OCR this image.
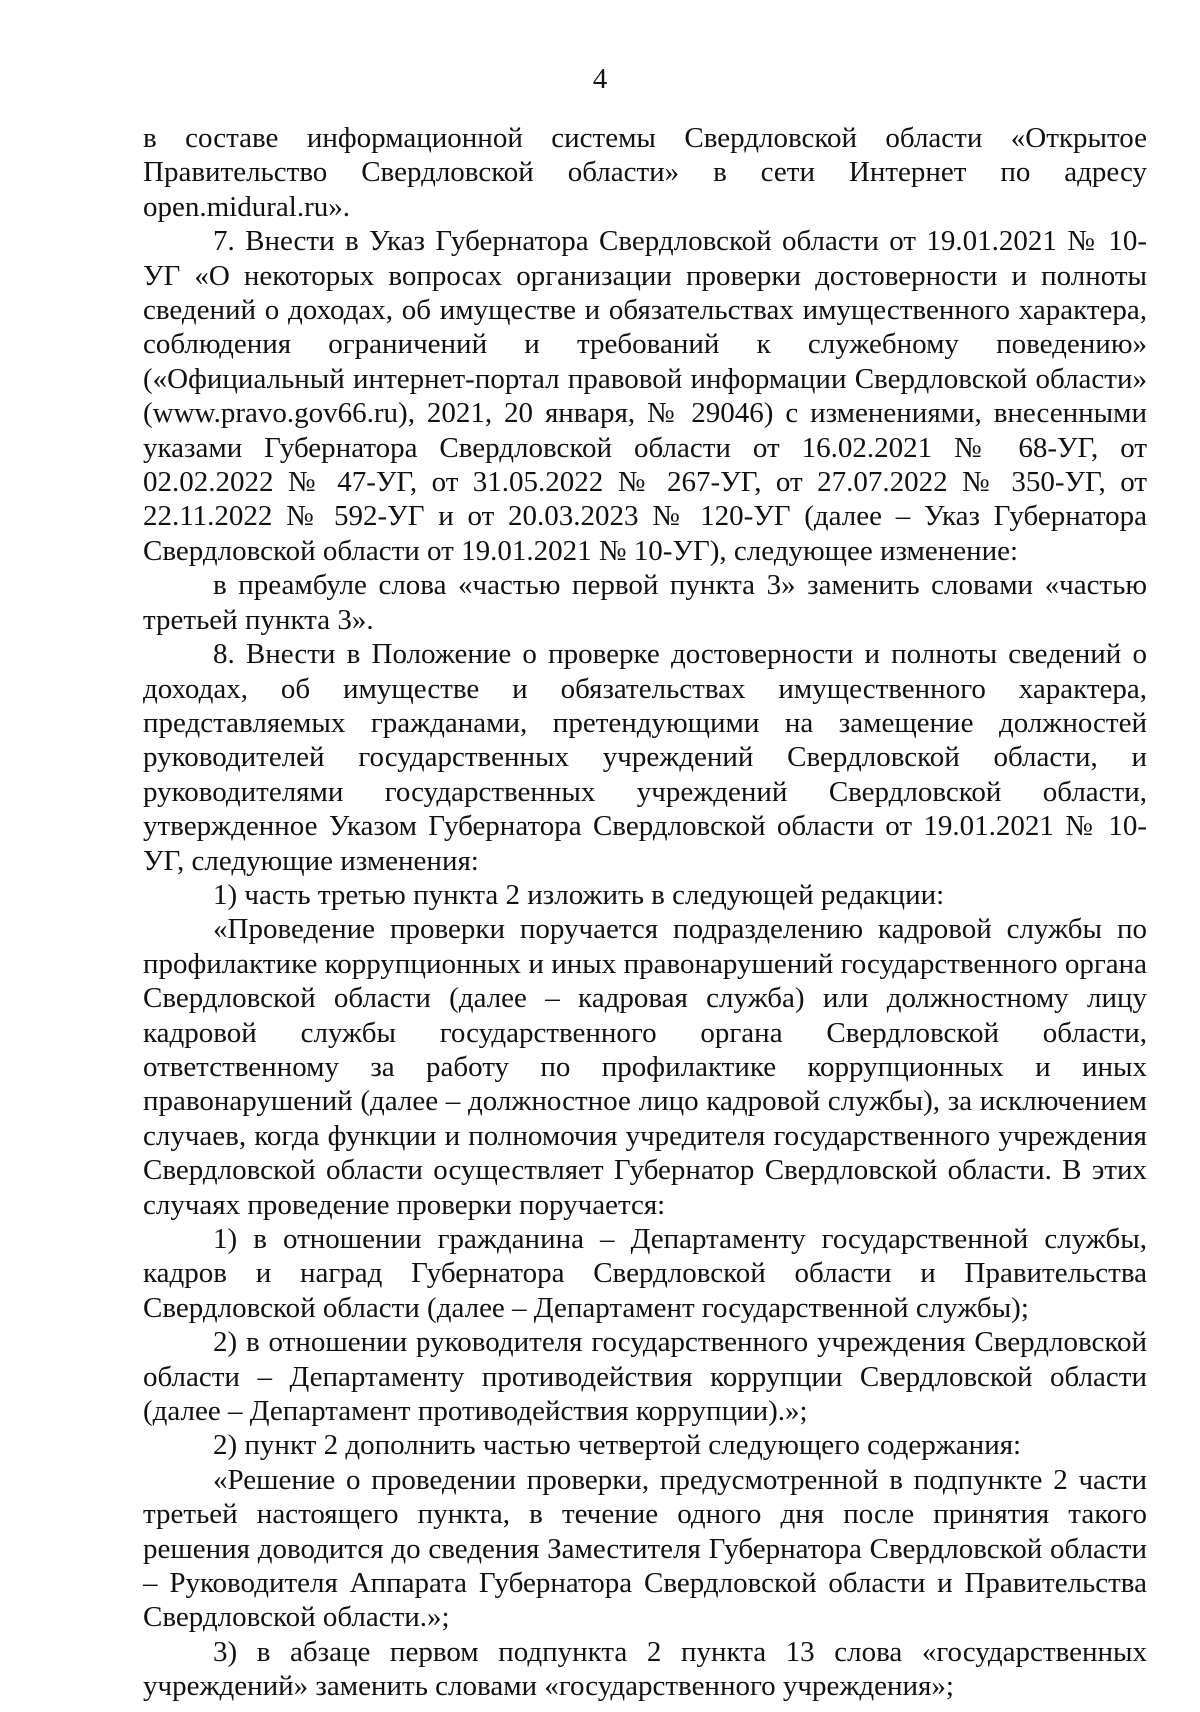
4

в составе информационной системы Свердловской области «Открытое Правительство Свердловской области» в сети Интернет по адресу open.midural.ru».

7. Внести в Указ Губернатора Свердловской области от 19.01.2021 № 10-УГ «О некоторых вопросах организации проверки достоверности и полноты сведений о доходах, об имуществе и обязательствах имущественного характера, соблюдения ограничений и требований к служебному поведению» («Официальный интернет-портал правовой информации Свердловской области» (www.pravo.gov66.ru), 2021, 20 января, № 29046) с изменениями, внесенными указами Губернатора Свердловской области от 16.02.2021 № 68-УГ, от 02.02.2022 № 47-УГ, от 31.05.2022 № 267-УГ, от 27.07.2022 № 350-УГ, от 22.11.2022 № 592-УГ и от 20.03.2023 № 120-УГ (далее – Указ Губернатора Свердловской области от 19.01.2021 № 10-УГ), следующее изменение:

в преамбуле слова «частью первой пункта 3» заменить словами «частью третьей пункта 3».

8. Внести в Положение о проверке достоверности и полноты сведений о доходах, об имуществе и обязательствах имущественного характера, представляемых гражданами, претендующими на замещение должностей руководителей государственных учреждений Свердловской области, и руководителями государственных учреждений Свердловской области, утвержденное Указом Губернатора Свердловской области от 19.01.2021 № 10-УГ, следующие изменения:

1) часть третью пункта 2 изложить в следующей редакции:

«Проведение проверки поручается подразделению кадровой службы по профилактике коррупционных и иных правонарушений государственного органа Свердловской области (далее – кадровая служба) или должностному лицу кадровой службы государственного органа Свердловской области, ответственному за работу по профилактике коррупционных и иных правонарушений (далее – должностное лицо кадровой службы), за исключением случаев, когда функции и полномочия учредителя государственного учреждения Свердловской области осуществляет Губернатор Свердловской области. В этих случаях проведение проверки поручается:

1) в отношении гражданина – Департаменту государственной службы, кадров и наград Губернатора Свердловской области и Правительства Свердловской области (далее – Департамент государственной службы);

2) в отношении руководителя государственного учреждения Свердловской области – Департаменту противодействия коррупции Свердловской области (далее – Департамент противодействия коррупции).»;

2) пункт 2 дополнить частью четвертой следующего содержания:

«Решение о проведении проверки, предусмотренной в подпункте 2 части третьей настоящего пункта, в течение одного дня после принятия такого решения доводится до сведения Заместителя Губернатора Свердловской области – Руководителя Аппарата Губернатора Свердловской области и Правительства Свердловской области.»;

3) в абзаце первом подпункта 2 пункта 13 слова «государственных учреждений» заменить словами «государственного учреждения»;
